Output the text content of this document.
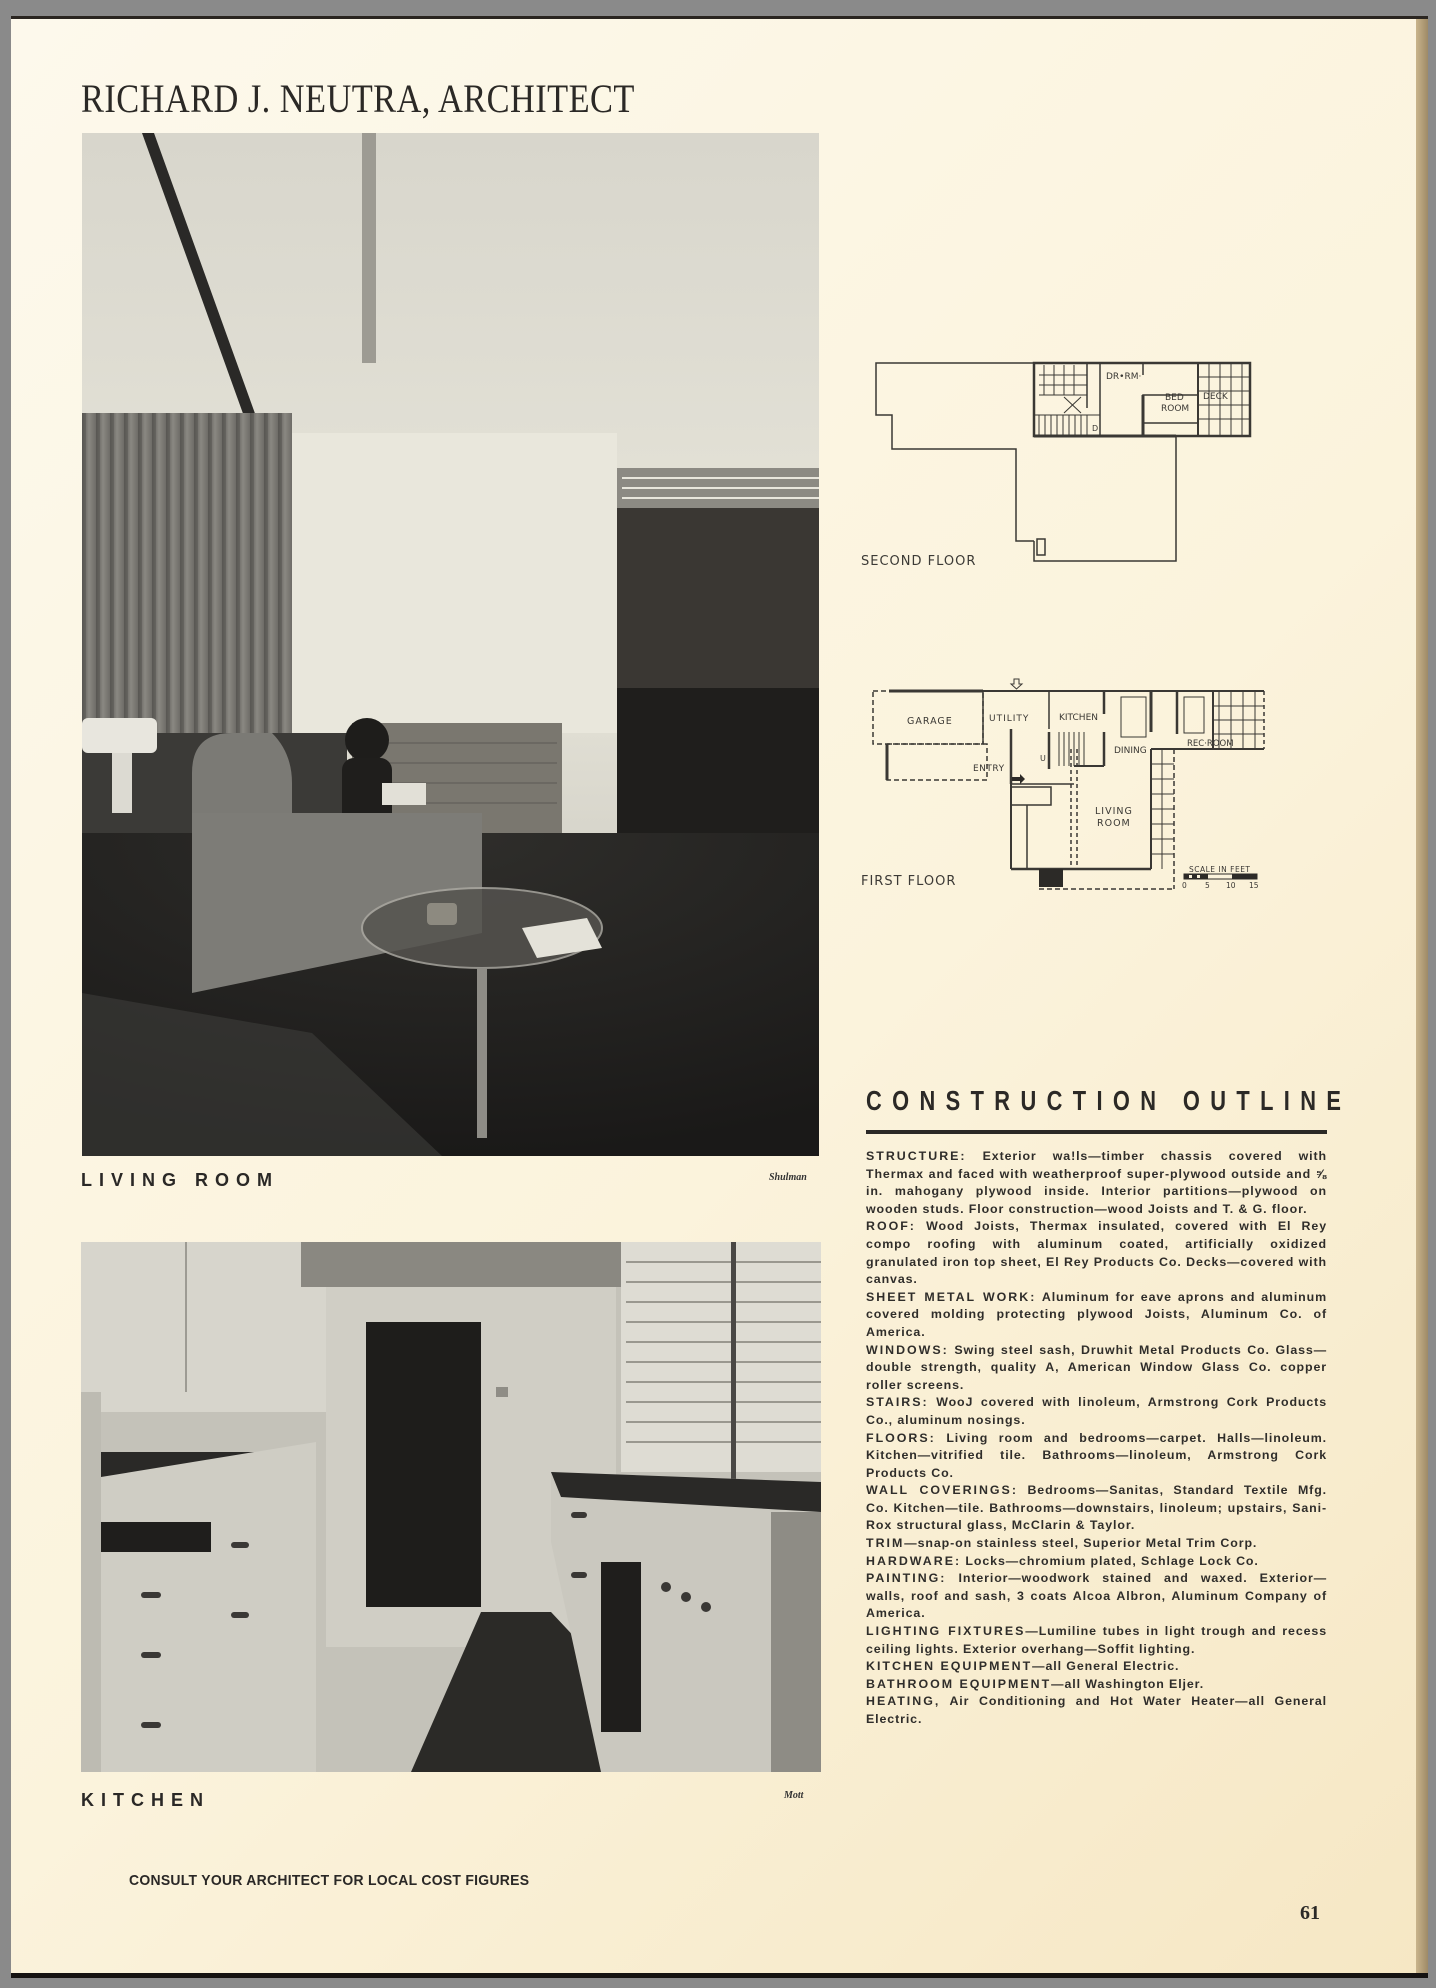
RICHARD J. NEUTRA, ARCHITECT
LIVING ROOM	Shulman
KITCHEN	Mott
DR•RM·
BED
ROOM
DECK
D
SECOND FLOOR
GARAGE	UTILITY	KITCHEN
DINING
REC·ROOM
ENTRY
LIVING
ROOM
U
SCALE IN FEET
0 5 10 15
FIRST FLOOR
CONSTRUCTION OUTLINE

STRUCTURE: Exterior wa!ls—timber chassis covered with Thermax and faced with weatherproof super-plywood outside and ⅝ in. mahogany plywood inside. Interior partitions—plywood on wooden studs. Floor construction—wood Joists and T. & G. floor.

ROOF: Wood Joists, Thermax insulated, covered with El Rey compo roofing with aluminum coated, artificially oxidized granulated iron top sheet, El Rey Products Co. Decks—covered with canvas.

SHEET METAL WORK: Aluminum for eave aprons and aluminum covered molding protecting plywood Joists, Aluminum Co. of America.

WINDOWS: Swing steel sash, Druwhit Metal Products Co. Glass—double strength, quality A, American Window Glass Co. copper roller screens.

STAIRS: WooJ covered with linoleum, Armstrong Cork Products Co., aluminum nosings.

FLOORS: Living room and bedrooms—carpet. Halls—linoleum. Kitchen—vitrified tile. Bathrooms—linoleum, Armstrong Cork Products Co.

WALL COVERINGS: Bedrooms—Sanitas, Standard Textile Mfg. Co. Kitchen—tile. Bathrooms—downstairs, linoleum; upstairs, Sani-Rox structural glass, McClarin & Taylor.

TRIM—snap-on stainless steel, Superior Metal Trim Corp.

HARDWARE: Locks—chromium plated, Schlage Lock Co.

PAINTING: Interior—woodwork stained and waxed. Exterior—walls, roof and sash, 3 coats Alcoa Albron, Aluminum Company of America.

LIGHTING FIXTURES—Lumiline tubes in light trough and recess ceiling lights. Exterior overhang—Soffit lighting.

KITCHEN EQUIPMENT—all General Electric.

BATHROOM EQUIPMENT—all Washington Eljer.

HEATING, Air Conditioning and Hot Water Heater—all General Electric.

CONSULT YOUR ARCHITECT FOR LOCAL COST FIGURES
61
